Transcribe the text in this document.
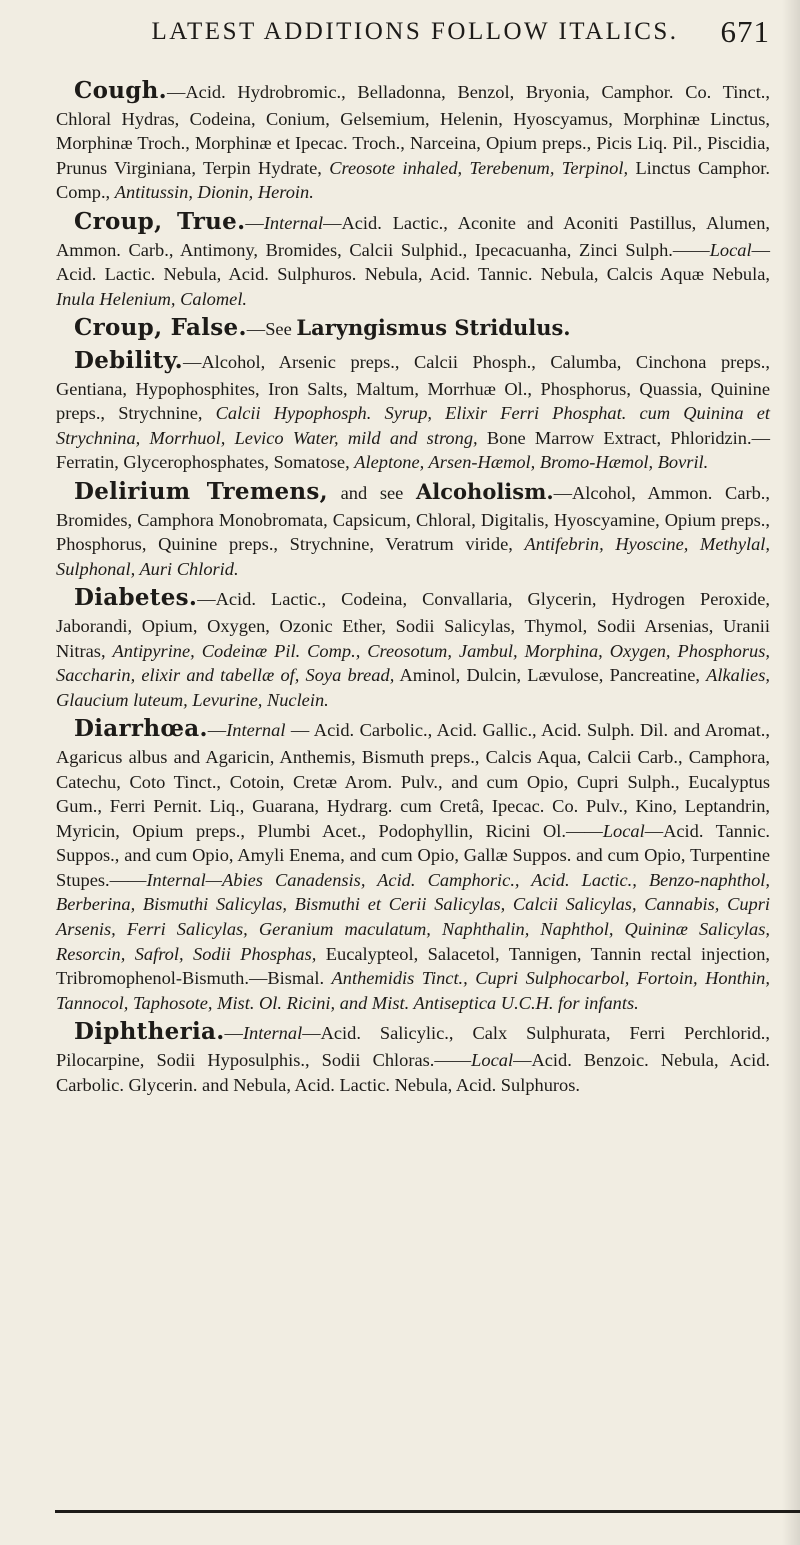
LATEST ADDITIONS FOLLOW ITALICS.	671

Cough.—Acid. Hydrobromic., Belladonna, Benzol, Bryonia, Camphor. Co. Tinct., Chloral Hydras, Codeina, Conium, Gelsemium, Helenin, Hyoscyamus, Morphinæ Linctus, Morphinæ Troch., Morphinæ et Ipecac. Troch., Narceina, Opium preps., Picis Liq. Pil., Piscidia, Prunus Virginiana, Terpin Hydrate, Creosote inhaled, Terebenum, Terpinol, Linctus Camphor. Comp., Antitussin, Dionin, Heroin.

Croup, True.—Internal—Acid. Lactic., Aconite and Aconiti Pastillus, Alumen, Ammon. Carb., Antimony, Bromides, Calcii Sulphid., Ipecacuanha, Zinci Sulph.——Local—Acid. Lactic. Nebula, Acid. Sulphuros. Nebula, Acid. Tannic. Nebula, Calcis Aquæ Nebula, Inula Helenium, Calomel.

Croup, False.—See Laryngismus Stridulus.

Debility.—Alcohol, Arsenic preps., Calcii Phosph., Calumba, Cinchona preps., Gentiana, Hypophosphites, Iron Salts, Maltum, Morrhuæ Ol., Phosphorus, Quassia, Quinine preps., Strychnine, Calcii Hypophosph. Syrup, Elixir Ferri Phosphat. cum Quinina et Strychnina, Morrhuol, Levico Water, mild and strong, Bone Marrow Extract, Phloridzin.—Ferratin, Glycerophosphates, Somatose, Aleptone, Arsen-Hæmol, Bromo-Hæmol, Bovril.

Delirium Tremens, and see Alcoholism.—Alcohol, Ammon. Carb., Bromides, Camphora Monobromata, Capsicum, Chloral, Digitalis, Hyoscyamine, Opium preps., Phosphorus, Quinine preps., Strychnine, Veratrum viride, Antifebrin, Hyoscine, Methylal, Sulphonal, Auri Chlorid.

Diabetes.—Acid. Lactic., Codeina, Convallaria, Glycerin, Hydrogen Peroxide, Jaborandi, Opium, Oxygen, Ozonic Ether, Sodii Salicylas, Thymol, Sodii Arsenias, Uranii Nitras, Antipyrine, Codeinæ Pil. Comp., Creosotum, Jambul, Morphina, Oxygen, Phosphorus, Saccharin, elixir and tabellæ of, Soya bread, Aminol, Dulcin, Lævulose, Pancreatine, Alkalies, Glaucium luteum, Levurine, Nuclein.

Diarrhœa.—Internal — Acid. Carbolic., Acid. Gallic., Acid. Sulph. Dil. and Aromat., Agaricus albus and Agaricin, Anthemis, Bismuth preps., Calcis Aqua, Calcii Carb., Camphora, Catechu, Coto Tinct., Cotoin, Cretæ Arom. Pulv., and cum Opio, Cupri Sulph., Eucalyptus Gum., Ferri Pernit. Liq., Guarana, Hydrarg. cum Cretâ, Ipecac. Co. Pulv., Kino, Leptandrin, Myricin, Opium preps., Plumbi Acet., Podophyllin, Ricini Ol.——Local—Acid. Tannic. Suppos., and cum Opio, Amyli Enema, and cum Opio, Gallæ Suppos. and cum Opio, Turpentine Stupes.——Internal—Abies Canadensis, Acid. Camphoric., Acid. Lactic., Benzo-naphthol, Berberina, Bismuthi Salicylas, Bismuthi et Cerii Salicylas, Calcii Salicylas, Cannabis, Cupri Arsenis, Ferri Salicylas, Geranium maculatum, Naphthalin, Naphthol, Quininæ Salicylas, Resorcin, Safrol, Sodii Phosphas, Eucalypteol, Salacetol, Tannigen, Tannin rectal injection, Tribromophenol-Bismuth.—Bismal. Anthemidis Tinct., Cupri Sulphocarbol, Fortoin, Honthin, Tannocol, Taphosote, Mist. Ol. Ricini, and Mist. Antiseptica U.C.H. for infants.

Diphtheria.—Internal—Acid. Salicylic., Calx Sulphurata, Ferri Perchlorid., Pilocarpine, Sodii Hyposulphis., Sodii Chloras.——Local—Acid. Benzoic. Nebula, Acid. Carbolic. Glycerin. and Nebula, Acid. Lactic. Nebula, Acid. Sulphuros.
